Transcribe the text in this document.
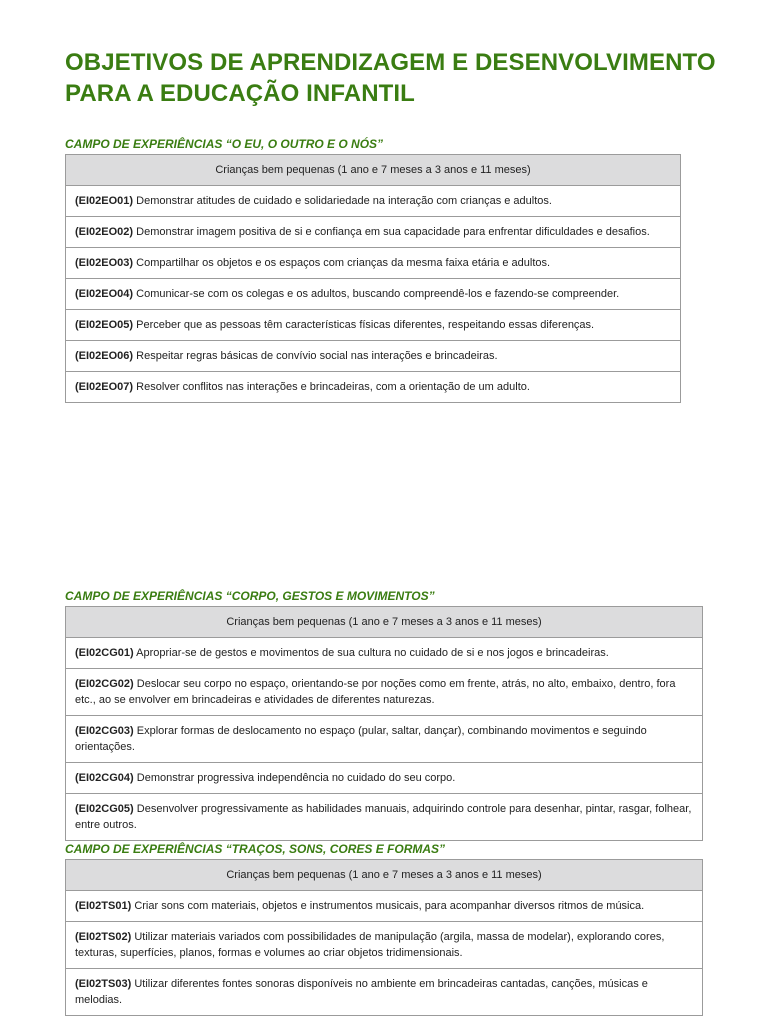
OBJETIVOS DE APRENDIZAGEM E DESENVOLVIMENTO
PARA A EDUCAÇÃO INFANTIL
CAMPO DE EXPERIÊNCIAS “O EU, O OUTRO E O NÓS”
Crianças bem pequenas (1 ano e 7 meses a 3 anos e 11 meses)
(EI02EO01) Demonstrar atitudes de cuidado e solidariedade na interação com crianças e adultos.
(EI02EO02) Demonstrar imagem positiva de si e confiança em sua capacidade para enfrentar dificuldades e desafios.
(EI02EO03) Compartilhar os objetos e os espaços com crianças da mesma faixa etária e adultos.
(EI02EO04) Comunicar-se com os colegas e os adultos, buscando compreendê-los e fazendo-se compreender.
(EI02EO05) Perceber que as pessoas têm características físicas diferentes, respeitando essas diferenças.
(EI02EO06) Respeitar regras básicas de convívio social nas interações e brincadeiras.
(EI02EO07) Resolver conflitos nas interações e brincadeiras, com a orientação de um adulto.
CAMPO DE EXPERIÊNCIAS “CORPO, GESTOS E MOVIMENTOS”
Crianças bem pequenas (1 ano e 7 meses a 3 anos e 11 meses)
(EI02CG01) Apropriar-se de gestos e movimentos de sua cultura no cuidado de si e nos jogos e brincadeiras.
(EI02CG02) Deslocar seu corpo no espaço, orientando-se por noções como em frente, atrás, no alto, embaixo, dentro, fora etc., ao se envolver em brincadeiras e atividades de diferentes naturezas.
(EI02CG03) Explorar formas de deslocamento no espaço (pular, saltar, dançar), combinando movimentos e seguindo orientações.
(EI02CG04) Demonstrar progressiva independência no cuidado do seu corpo.
(EI02CG05) Desenvolver progressivamente as habilidades manuais, adquirindo controle para desenhar, pintar, rasgar, folhear, entre outros.
CAMPO DE EXPERIÊNCIAS “TRAÇOS, SONS, CORES E FORMAS”
Crianças bem pequenas (1 ano e 7 meses a 3 anos e 11 meses)
(EI02TS01) Criar sons com materiais, objetos e instrumentos musicais, para acompanhar diversos ritmos de música.
(EI02TS02) Utilizar materiais variados com possibilidades de manipulação (argila, massa de modelar), explorando cores, texturas, superfícies, planos, formas e volumes ao criar objetos tridimensionais.
(EI02TS03) Utilizar diferentes fontes sonoras disponíveis no ambiente em brincadeiras cantadas, canções, músicas e melodias.
